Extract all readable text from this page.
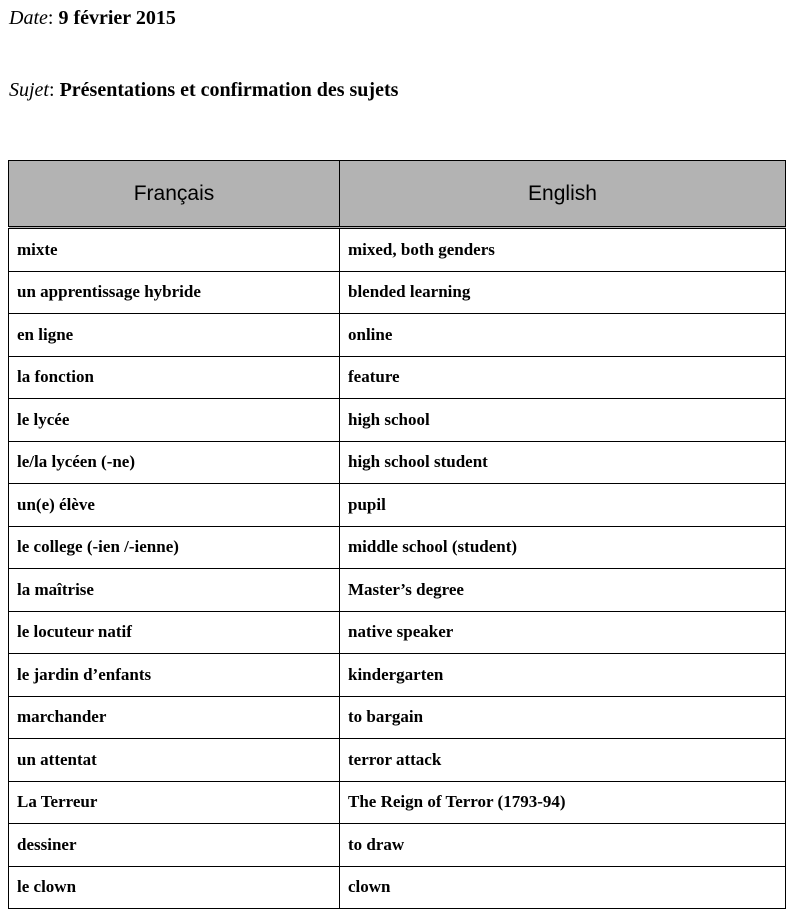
Date: 9 février 2015
Sujet: Présentations et confirmation des sujets
Français	English
mixte	mixed, both genders
un apprentissage hybride	blended learning
en ligne	online
la fonction	feature
le lycée	high school
le/la lycéen (-ne)	high school student
un(e) élève	pupil
le college (-ien /-ienne)	middle school (student)
la maîtrise	Master’s degree
le locuteur natif	native speaker
le jardin d’enfants	kindergarten
marchander	to bargain
un attentat	terror attack
La Terreur	The Reign of Terror (1793-94)
dessiner	to draw
le clown	clown
